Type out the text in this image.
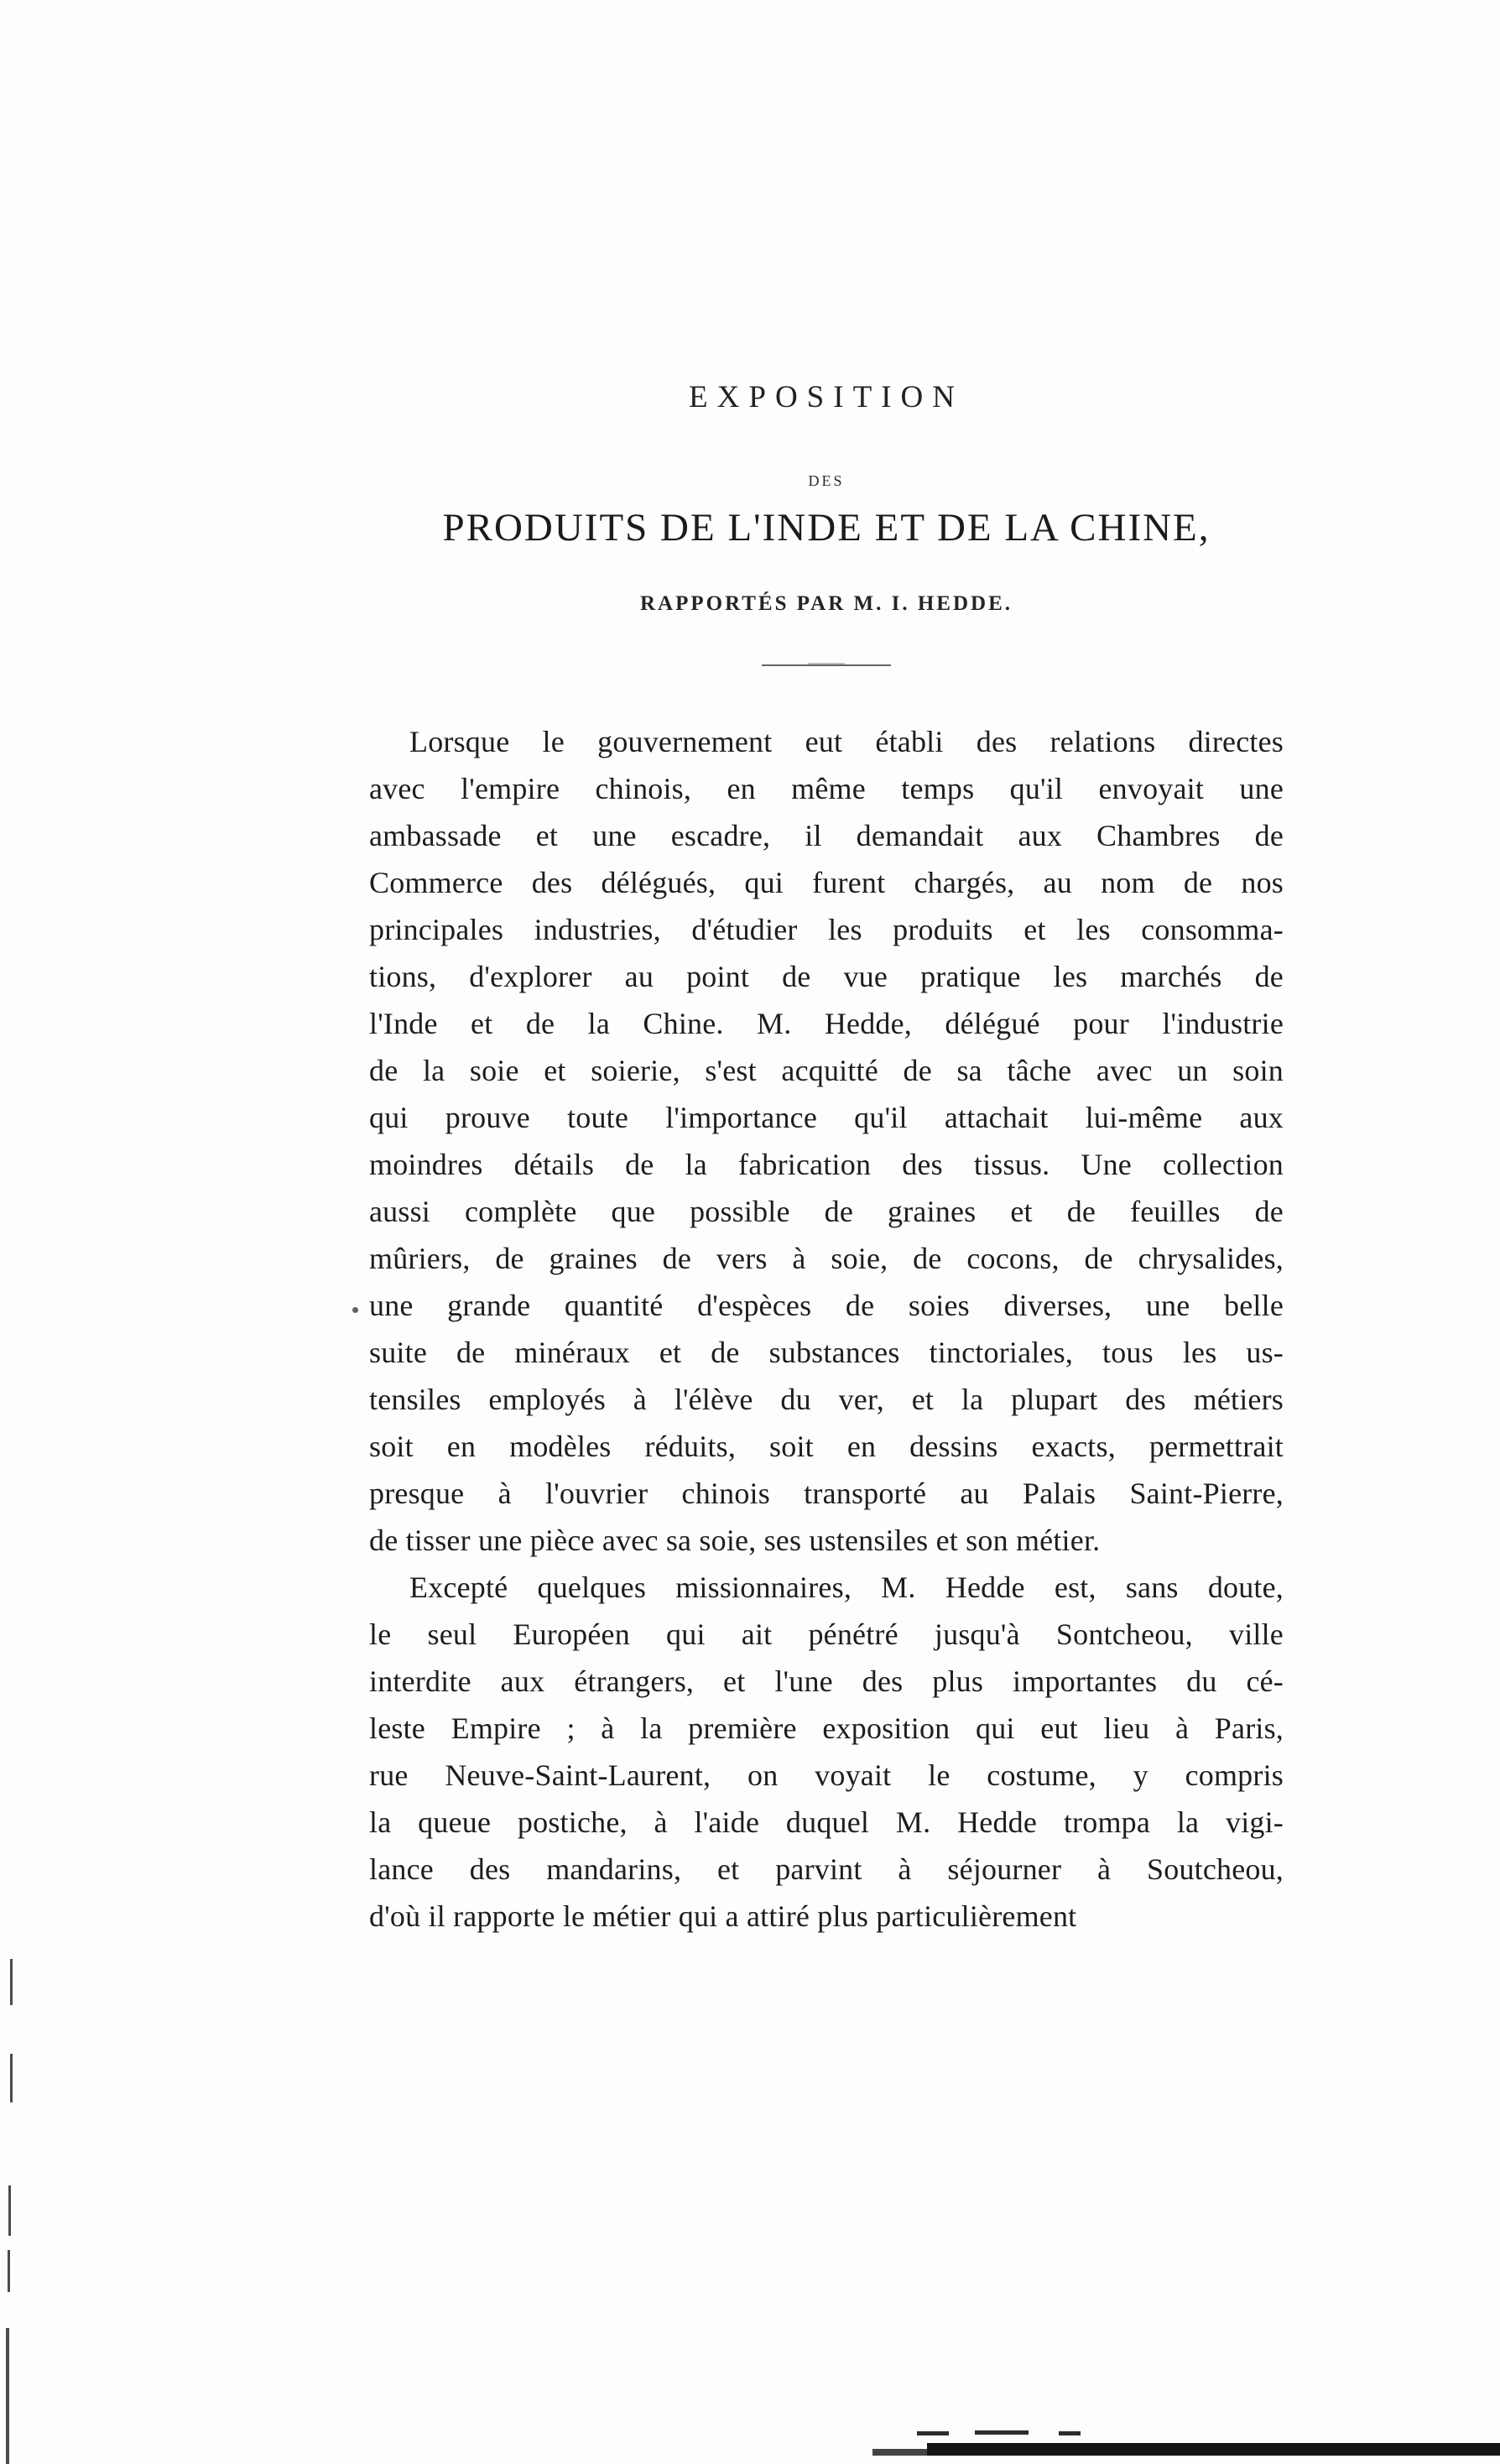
EXPOSITION
DES
PRODUITS DE L'INDE ET DE LA CHINE,
RAPPORTÉS PAR M. I. HEDDE.
Lorsque le gouvernement eut établi des relations directes
avec l'empire chinois, en même temps qu'il envoyait une
ambassade et une escadre, il demandait aux Chambres de
Commerce des délégués, qui furent chargés, au nom de nos
principales industries, d'étudier les produits et les consomma-
tions, d'explorer au point de vue pratique les marchés de
l'Inde et de la Chine. M. Hedde, délégué pour l'industrie
de la soie et soierie, s'est acquitté de sa tâche avec un soin
qui prouve toute l'importance qu'il attachait lui-même aux
moindres détails de la fabrication des tissus. Une collection
aussi complète que possible de graines et de feuilles de
mûriers, de graines de vers à soie, de cocons, de chrysalides,
une grande quantité d'espèces de soies diverses, une belle
suite de minéraux et de substances tinctoriales, tous les us-
tensiles employés à l'élève du ver, et la plupart des métiers
soit en modèles réduits, soit en dessins exacts, permettrait
presque à l'ouvrier chinois transporté au Palais Saint-Pierre,
de tisser une pièce avec sa soie, ses ustensiles et son métier.
Excepté quelques missionnaires, M. Hedde est, sans doute,
le seul Européen qui ait pénétré jusqu'à Sontcheou, ville
interdite aux étrangers, et l'une des plus importantes du cé-
leste Empire ; à la première exposition qui eut lieu à Paris,
rue Neuve-Saint-Laurent, on voyait le costume, y compris
la queue postiche, à l'aide duquel M. Hedde trompa la vigi-
lance des mandarins, et parvint à séjourner à Soutcheou,
d'où il rapporte le métier qui a attiré plus particulièrement
